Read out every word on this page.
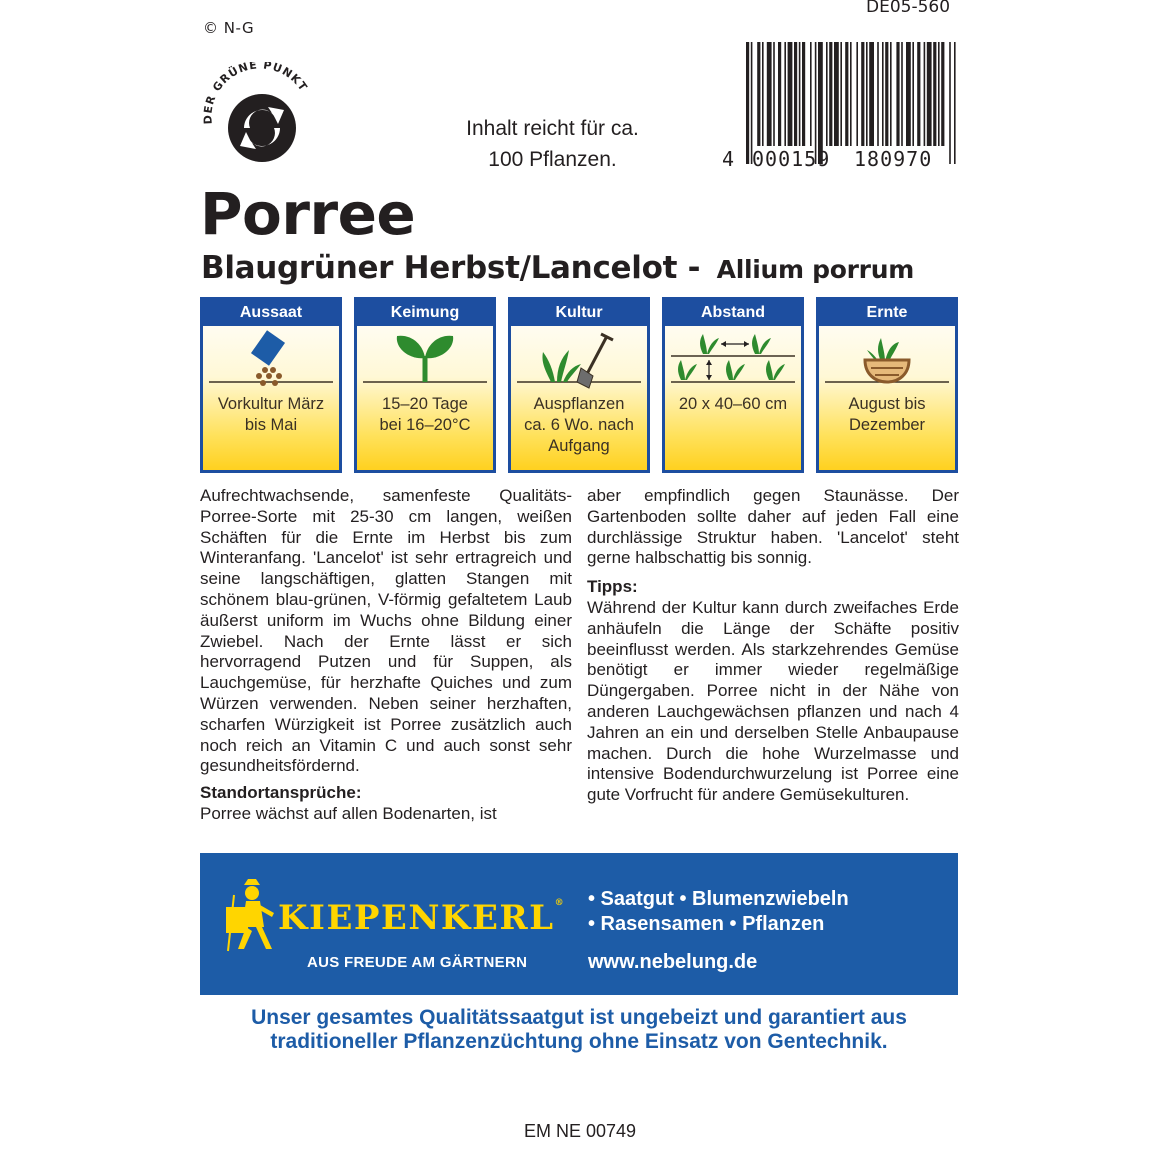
© N-G
DE05-560
DER GRÜNE PUNKT
Inhalt reicht für ca.
100 Pflanzen.	4 000159 180970
Porree
Blaugrüner Herbst/Lancelot - Allium porrum
Aussaat
Vorkultur März
bis Mai
Keimung
15–20 Tage
bei 16–20°C
Kultur
Auspflanzen
ca. 6 Wo. nach
Aufgang
Abstand
20 x 40–60 cm
Ernte
August bis
Dezember

Aufrechtwachsende, samenfeste Qualitäts-Porree-Sorte mit 25-30 cm langen, weißen Schäften für die Ernte im Herbst bis zum Winteranfang. 'Lancelot' ist sehr ertragreich und seine langschäftigen, glatten Stangen mit schönem blau-grünen, V-förmig gefaltetem Laub äußerst uniform im Wuchs ohne Bildung einer Zwiebel. Nach der Ernte lässt er sich hervorragend Putzen und für Suppen, als Lauchgemüse, für herzhafte Quiches und zum Würzen verwenden. Neben seiner herzhaften, scharfen Würzigkeit ist Porree zusätzlich auch noch reich an Vitamin C und auch sonst sehr gesundheitsfördernd.

Standortansprüche:

Porree wächst auf allen Bodenarten, ist

aber empfindlich gegen Staunässe. Der Gartenboden sollte daher auf jeden Fall eine durchlässige Struktur haben. 'Lancelot' steht gerne halbschattig bis sonnig.

Tipps:

Während der Kultur kann durch zweifaches Erde anhäufeln die Länge der Schäfte positiv beeinflusst werden. Als starkzehrendes Gemüse benötigt er immer wieder regelmäßige Düngergaben. Porree nicht in der Nähe von anderen Lauchgewächsen pflanzen und nach 4 Jahren an ein und derselben Stelle Anbaupause machen. Durch die hohe Wurzelmasse und intensive Bodendurchwurzelung ist Porree eine gute Vorfrucht für andere Gemüsekulturen.

KIEPENKERL®
AUS FREUDE AM GÄRTNERN
• Saatgut • Blumenzwiebeln
• Rasensamen • Pflanzen
www.nebelung.de
Unser gesamtes Qualitätssaatgut ist ungebeizt und garantiert aus
traditioneller Pflanzenzüchtung ohne Einsatz von Gentechnik.
EM NE 00749
